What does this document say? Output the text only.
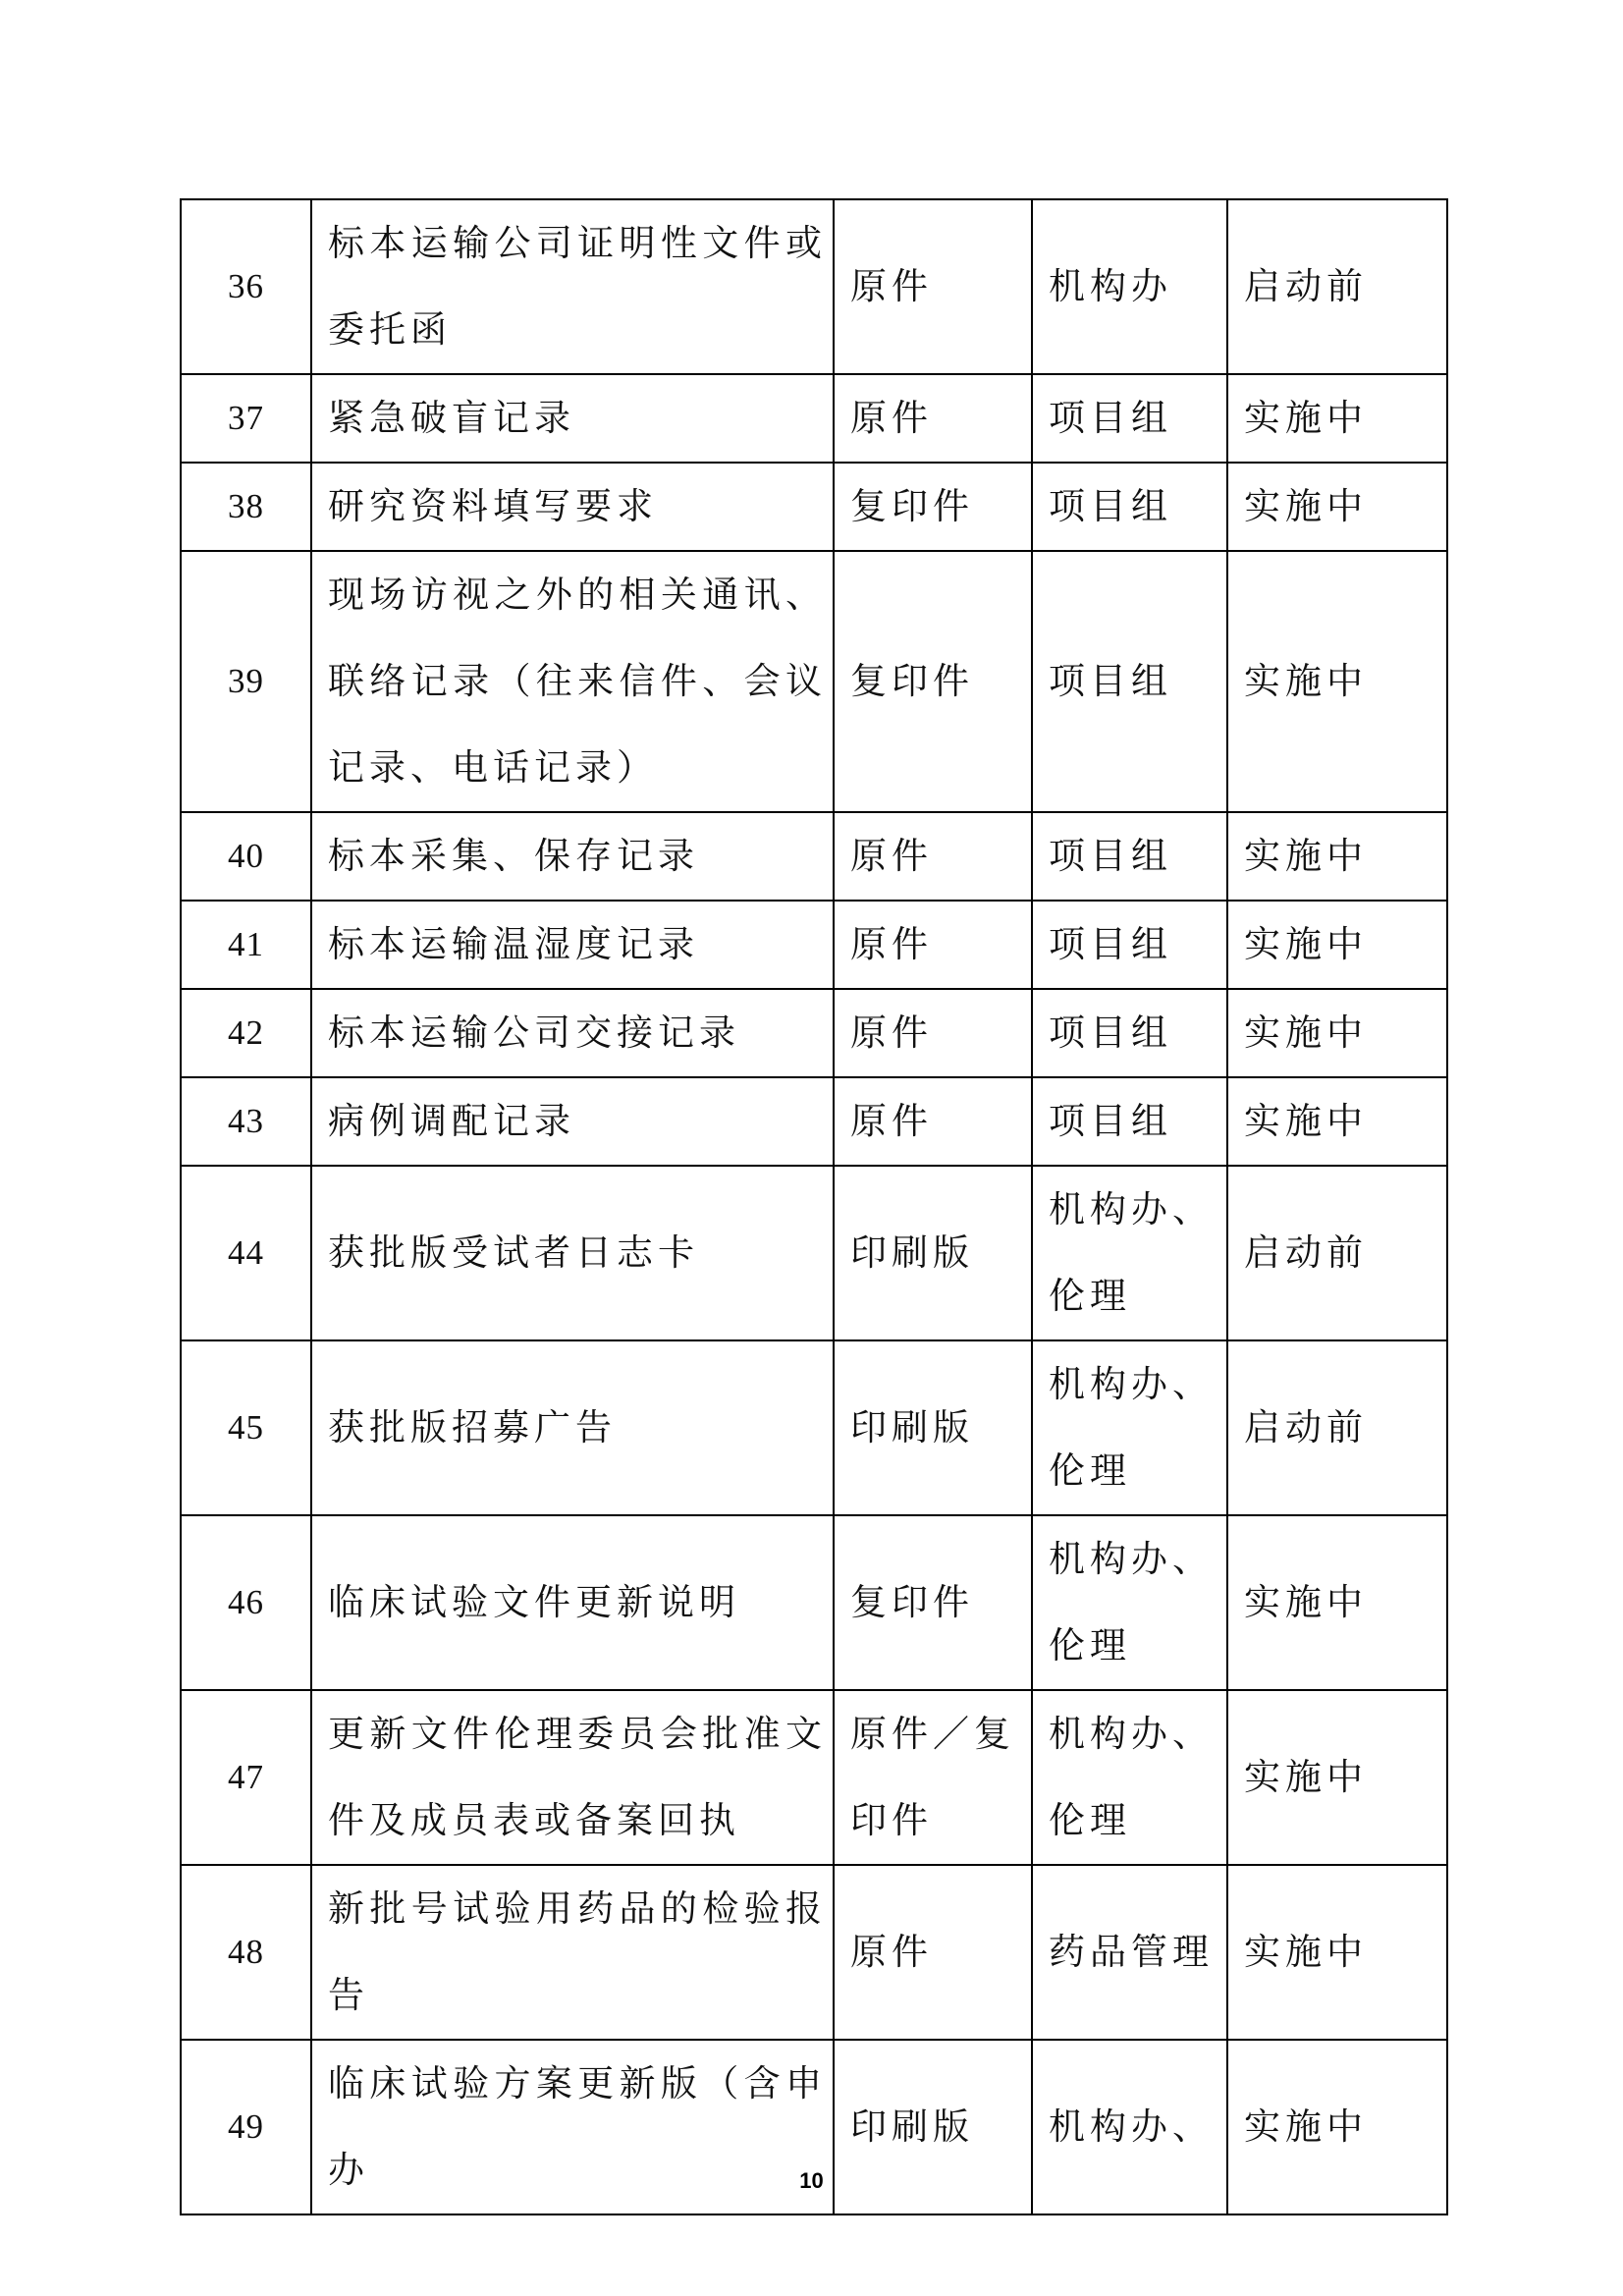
36	标本运输公司证明性文件或委托函	原件	机构办	启动前
37	紧急破盲记录	原件	项目组	实施中
38	研究资料填写要求	复印件	项目组	实施中
39	现场访视之外的相关通讯、联络记录（往来信件、会议记录、电话记录）	复印件	项目组	实施中
40	标本采集、保存记录	原件	项目组	实施中
41	标本运输温湿度记录	原件	项目组	实施中
42	标本运输公司交接记录	原件	项目组	实施中
43	病例调配记录	原件	项目组	实施中
44	获批版受试者日志卡	印刷版	机构办、伦理	启动前
45	获批版招募广告	印刷版	机构办、伦理	启动前
46	临床试验文件更新说明	复印件	机构办、伦理	实施中
47	更新文件伦理委员会批准文件及成员表或备案回执	原件／复印件	机构办、伦理	实施中
48	新批号试验用药品的检验报告	原件	药品管理	实施中
49	临床试验方案更新版（含申办	印刷版	机构办、	实施中
10
